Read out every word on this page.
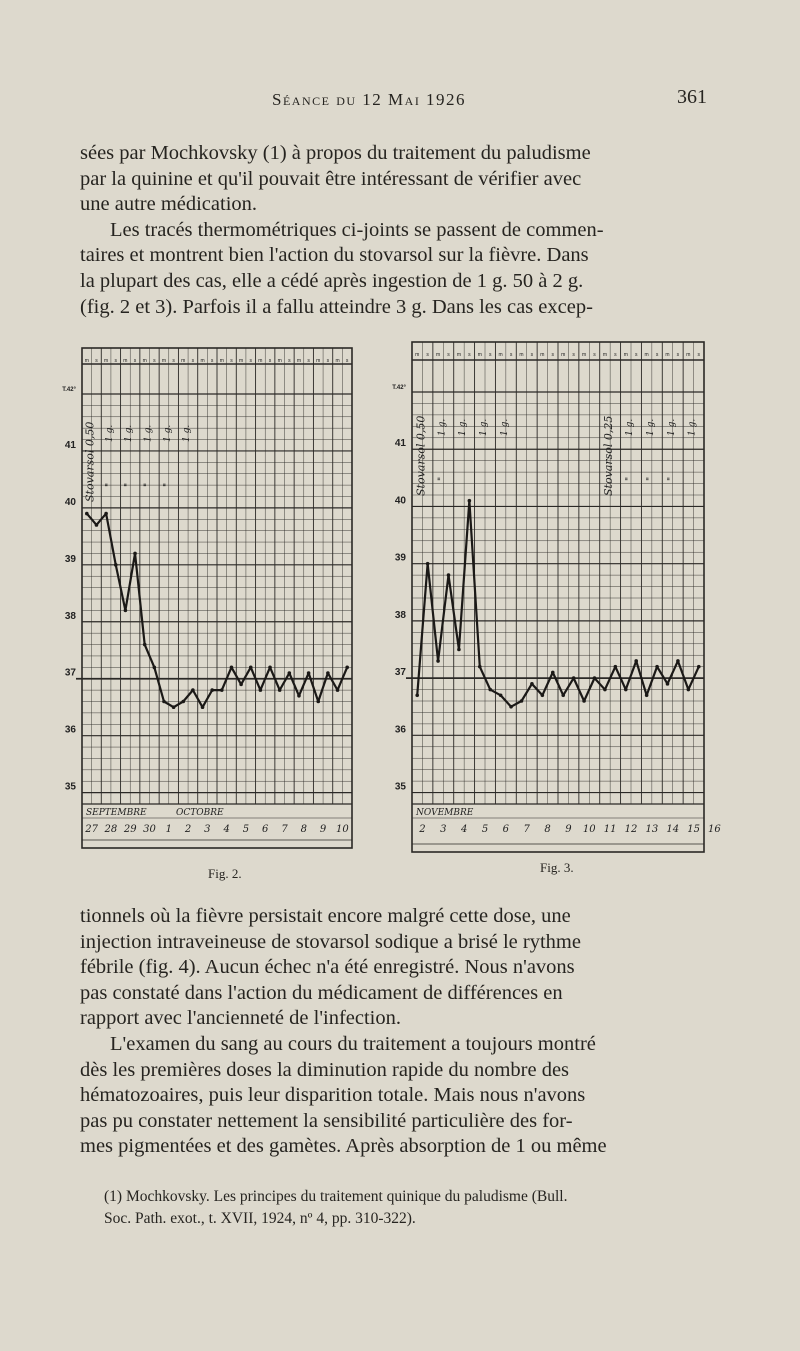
Séance du 12 Mai 1926	361

sées par Mochkovsky (1) à propos du traitement du paludisme
par la quinine et qu'il pouvait être intéressant de vérifier avec
une autre médication.
Les tracés thermométriques ci-joints se passent de commen-
taires et montrent bien l'action du stovarsol sur la fièvre. Dans
la plupart des cas, elle a cédé après ingestion de 1 g. 50 à 2 g.
(fig. 2 et 3). Parfois il a fallu atteindre 3 g. Dans les cas excep-

m s m s m s m s m s m s m s m s m s m s m s m s m s m s
35
36
37
38
39
40
41
T.42°
SEPTEMBRE	OCTOBRE
27 28 29 30 1 2 3 4 5 6 7 8 9 10
Stovarsol 0,50 1 g. 1 g. 1 g. 1 g. 1 g.
" " " "
Fig. 2.
m s m s m s m s m s m s m s m s m s m s m s m s m s m s
35
36
37
38
39
40
41
T.42°
NOVEMBRE
2 3 4 5 6 7 8 9 10 11 12 13 14 15 16
Stovarsol 0,50 1 g. 1 g. 1 g. 1 g.	Stovarsol 0,25 1 g. 1 g. 1 g. 1 g.
"	" " "
Fig. 3.

tionnels où la fièvre persistait encore malgré cette dose, une
injection intraveineuse de stovarsol sodique a brisé le rythme
fébrile (fig. 4). Aucun échec n'a été enregistré. Nous n'avons
pas constaté dans l'action du médicament de différences en
rapport avec l'ancienneté de l'infection.
L'examen du sang au cours du traitement a toujours montré
dès les premières doses la diminution rapide du nombre des
hématozoaires, puis leur disparition totale. Mais nous n'avons
pas pu constater nettement la sensibilité particulière des for-
mes pigmentées et des gamètes. Après absorption de 1 ou même

(1) Mochkovsky. Les principes du traitement quinique du paludisme (Bull.
Soc. Path. exot., t. XVII, 1924, nº 4, pp. 310-322).
